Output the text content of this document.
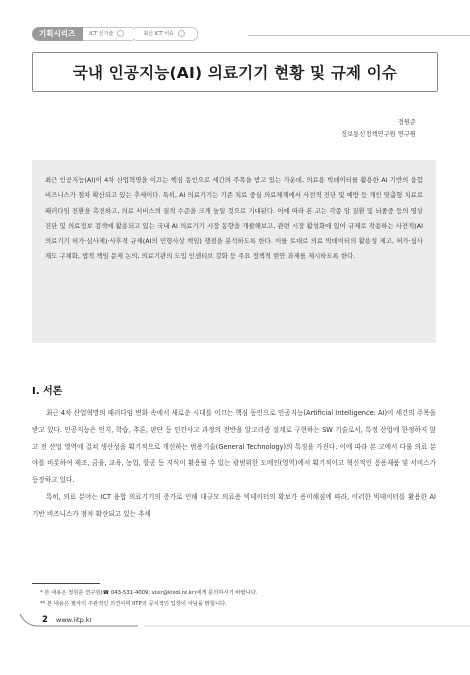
기획시리즈	ICT 신기술	최신 ICT 이슈
국내 인공지능(AI) 의료기기 현황 및 규제 이슈
정원준
정보통신정책연구원 연구원

최근 인공지능(AI)이 4차 산업혁명을 이끄는 핵심 동인으로 세간의 주목을 받고 있는 가운데, 의료용 빅데이터를 활용한 AI 기반의 융합 비즈니스가 점차 확산되고 있는 추세이다. 특히, AI 의료기기는 기존 치료 중심 의료체계에서 사전적 진단 및 예방 등 개인 맞춤형 치료로 패러다임 전환을 촉진하고, 의료 서비스의 질적 수준을 크게 높일 것으로 기대된다. 이에 따라 본 고는 각종 암 질환 및 뇌졸중 등의 영상진단 및 의료정보 검색에 활용되고 있는 국내 AI 의료기기 시장 동향을 개괄해보고, 관련 시장 활성화에 있어 규제로 작용하는 사전적(AI 의료기기 허가·심사제)·사후적 규제(AI의 민형사상 책임) 쟁점을 분석하도록 한다. 이를 토대로 의료 빅데이터의 활용성 제고, 허가·심사제도 구체화, 법적 책임 문제 논의, 의료기관의 도입 인센티브 강화 등 주요 정책적 현안 과제를 제시하도록 한다.

Ⅰ. 서론

최근 4차 산업혁명의 패러다임 변화 속에서 새로운 시대를 이끄는 핵심 동인으로 인공지능(Artificial Intelligence: AI)이 세간의 주목을 받고 있다. 인공지능은 인지, 학습, 추론, 판단 등 인간사고 과정의 전반을 알고리즘 설계로 구현하는 SW 기술로서, 특정 산업에 한정하지 않고 전 산업 영역에 걸쳐 생산성을 획기적으로 개선하는 범용기술(General Technology)의 특징을 가진다. 이에 따라 본 고에서 다룰 의료 분야를 비롯하여 제조, 금융, 교육, 농업, 항공 등 지식이 활용될 수 있는 광범위한 도메인(영역)에서 획기적이고 혁신적인 응용제품 및 서비스가 등장하고 있다.

특히, 의료 분야는 ICT 융합 의료기기의 증가로 인해 대규모 의료용 빅데이터의 확보가 용이해짐에 따라, 이러한 빅데이터를 활용한 AI 기반 비즈니스가 점차 확산되고 있는 추세

* 본 내용은 정원준 연구원(☎ 043-531-4009, visir@kisdi.re.kr)에게 문의하시기 바랍니다.
** 본 내용은 필자의 주관적인 의견이며 IITP의 공식적인 입장이 아님을 밝힙니다.
2 www.iitp.kr
